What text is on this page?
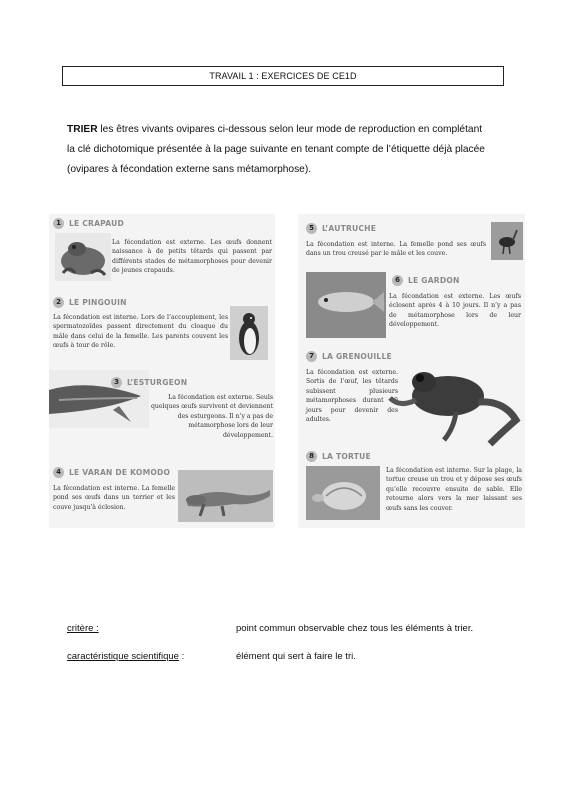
TRAVAIL 1 : EXERCICES DE CE1D
TRIER les êtres vivants ovipares ci-dessous selon leur mode de reproduction en complétant
la clé dichotomique présentée à la page suivante en tenant compte de l’étiquette déjà placée
(ovipares à fécondation externe sans métamorphose).
1	LE CRAPAUD
La fécondation est externe. Les œufs donnent naissance à de petits têtards qui passent par différents stades de métamorphoses pour devenir de jeunes crapauds.
2	LE PINGOUIN
La fécondation est interne. Lors de l’accouplement, les spermatozoïdes passent directement du cloaque du mâle dans celui de la femelle. Les parents couvent les œufs à tour de rôle.
3	L’ESTURGEON
La fécondation est externe. Seuls quelques œufs survivent et deviennent des esturgeons. Il n’y a pas de métamorphose lors de leur développement.
4	LE VARAN DE KOMODO
La fécondation est interne. La femelle pond ses œufs dans un terrier et les couve jusqu’à éclosion.
5	L’AUTRUCHE
La fécondation est interne. La femelle pond ses œufs dans un trou creusé par le mâle et les couve.
6	LE GARDON
La fécondation est externe. Les œufs éclosent après 4 à 10 jours. Il n’y a pas de métamorphose lors de leur développement.
7	LA GRENOUILLE
La fécondation est externe. Sortis de l’œuf, les têtards subissent plusieurs métamorphoses durant 90 jours pour devenir des adultes.
8	LA TORTUE
La fécondation est interne. Sur la plage, la tortue creuse un trou et y dépose ses œufs qu’elle recouvre ensuite de sable. Elle retourne alors vers la mer laissant ses œufs sans les couver.
critère :	point commun observable chez tous les éléments à trier.
caractéristique scientifique :	élément qui sert à faire le tri.
